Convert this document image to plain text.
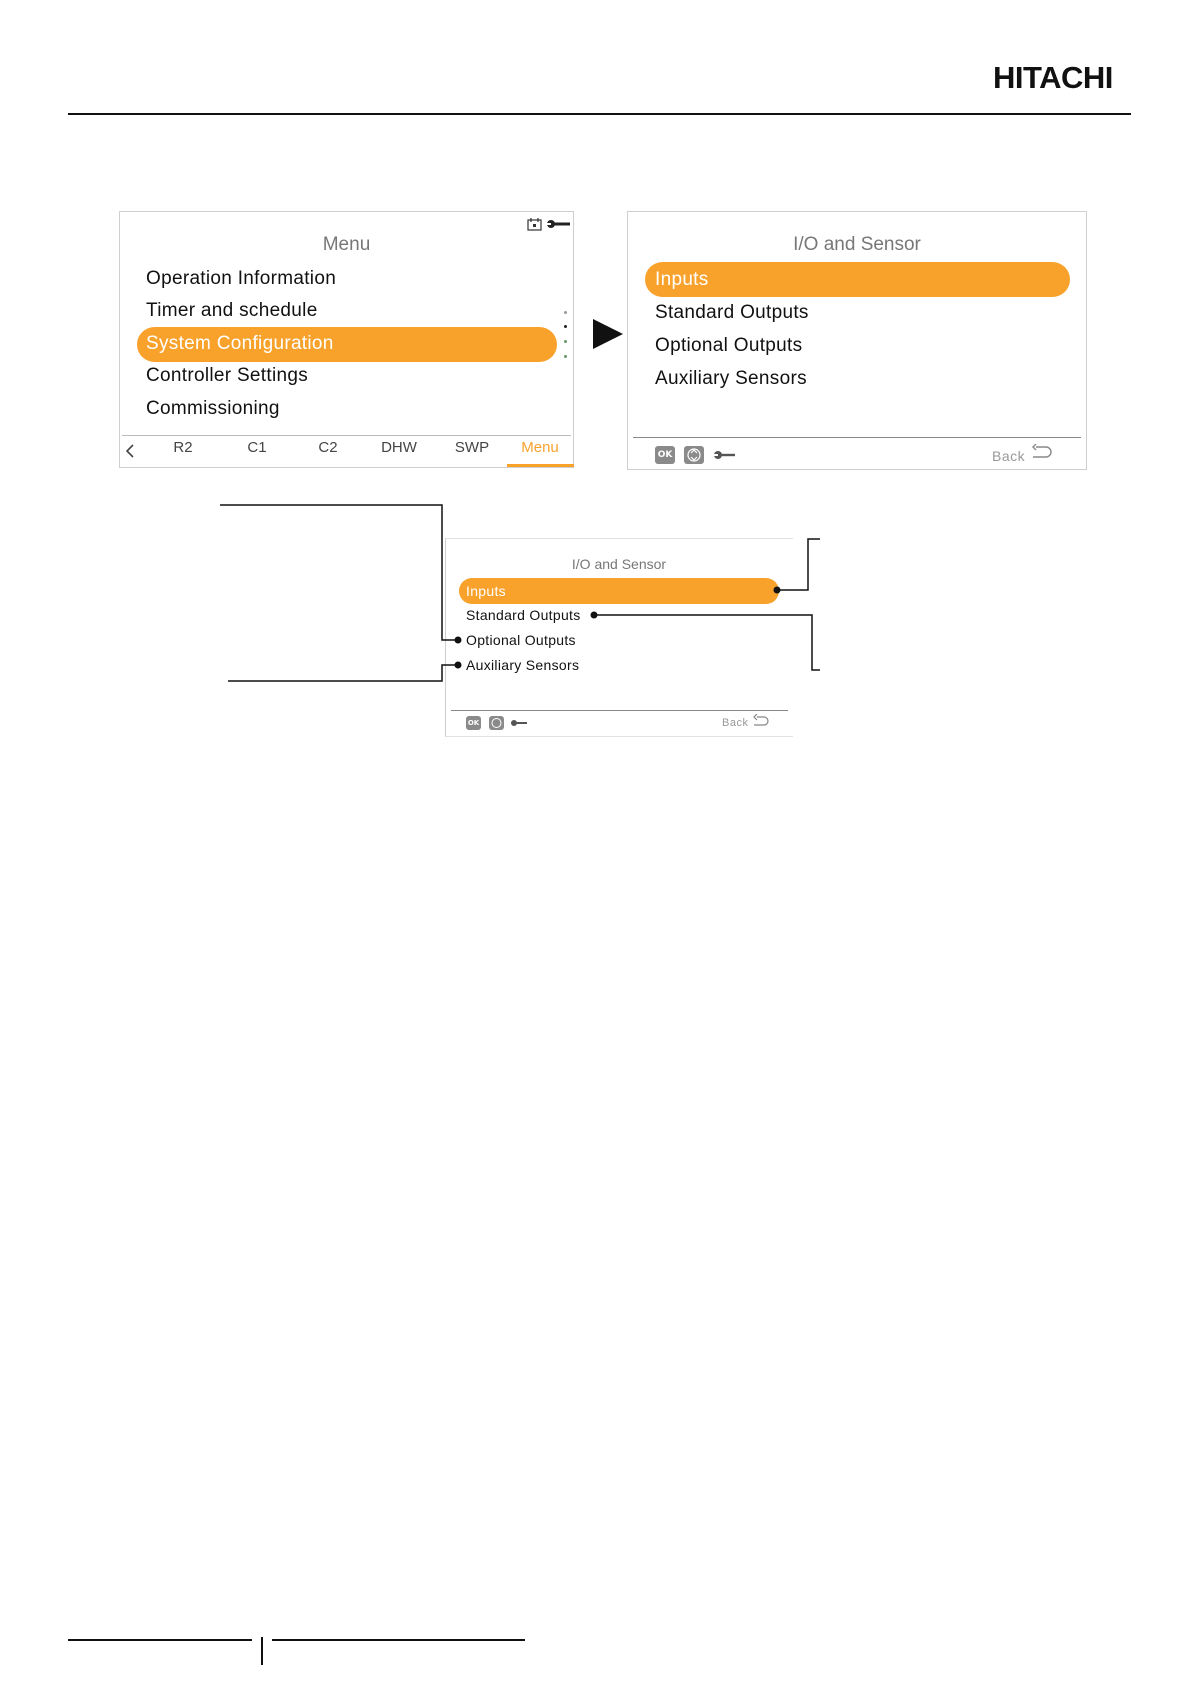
HITACHI
Menu
Operation Information
Timer and schedule
System Configuration
Controller Settings
Commissioning
R2	C1	C2	DHW	SWP	Menu
I/O and Sensor
Inputs
Standard Outputs
Optional Outputs
Auxiliary Sensors
OK	Back
I/O and Sensor
Inputs
Standard Outputs
Optional Outputs
Auxiliary Sensors
OK	Back
